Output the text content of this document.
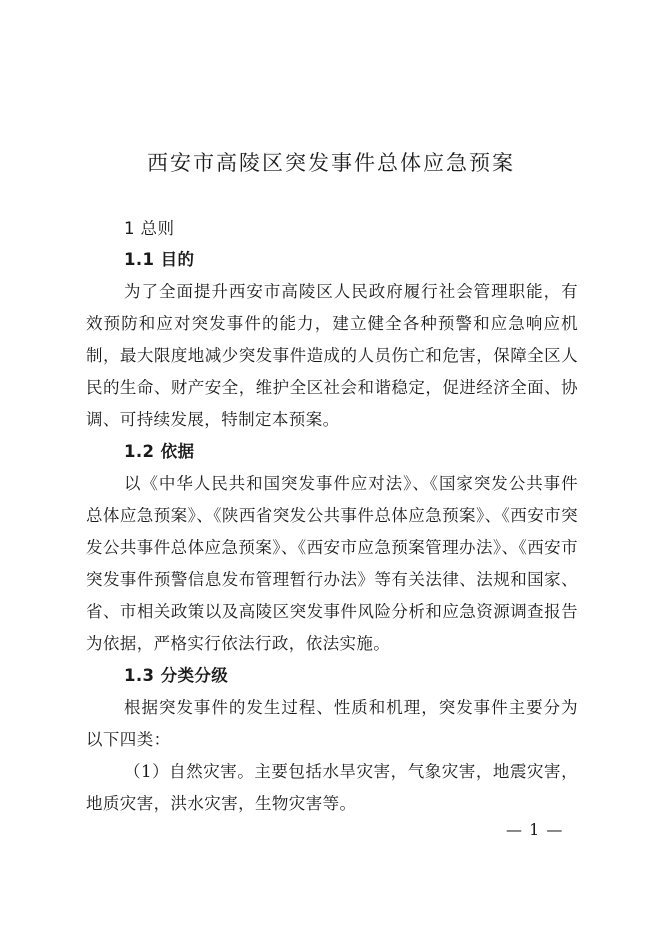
西安市高陵区突发事件总体应急预案
1 总则
1.1 目的

为了全面提升西安市高陵区人民政府履行社会管理职能，有效预防和应对突发事件的能力，建立健全各种预警和应急响应机制，最大限度地减少突发事件造成的人员伤亡和危害，保障全区人民的生命、财产安全，维护全区社会和谐稳定，促进经济全面、协调、可持续发展，特制定本预案。

1.2 依据

以《中华人民共和国突发事件应对法》、《国家突发公共事件总体应急预案》、《陕西省突发公共事件总体应急预案》、《西安市突发公共事件总体应急预案》、《西安市应急预案管理办法》、《西安市突发事件预警信息发布管理暂行办法》等有关法律、法规和国家、省、市相关政策以及高陵区突发事件风险分析和应急资源调查报告为依据，严格实行依法行政，依法实施。

1.3 分类分级

根据突发事件的发生过程、性质和机理，突发事件主要分为以下四类：

（1）自然灾害。主要包括水旱灾害，气象灾害，地震灾害，地质灾害，洪水灾害，生物灾害等。

— 1 —
